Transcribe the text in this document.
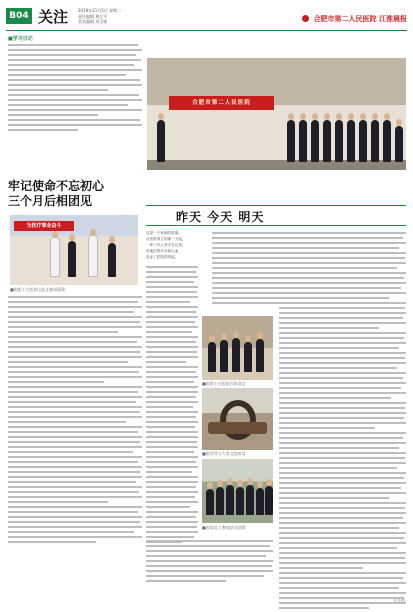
B04 关注 2019年11月5日 星期二
责任编辑 黄亿平
美术编辑 刘玉敏	合肥市第二人民医院 江淮晨报
■学习日记
合肥市第二人民医院
牢记使命不忘初心
三个月后相团见
为医疗事业奋斗
■院职工在医院文化走廊前留影
昨天 今天 明天
这是一个家族的故事。
从医院成立的那一天起，
一家三代人坚守在这里，
用他们的汗水和心血，
见证了医院的发展。
■院职工在医院合影留念
■院领导与大家交流座谈
■医院员工参加活动留影
刘冬梅
